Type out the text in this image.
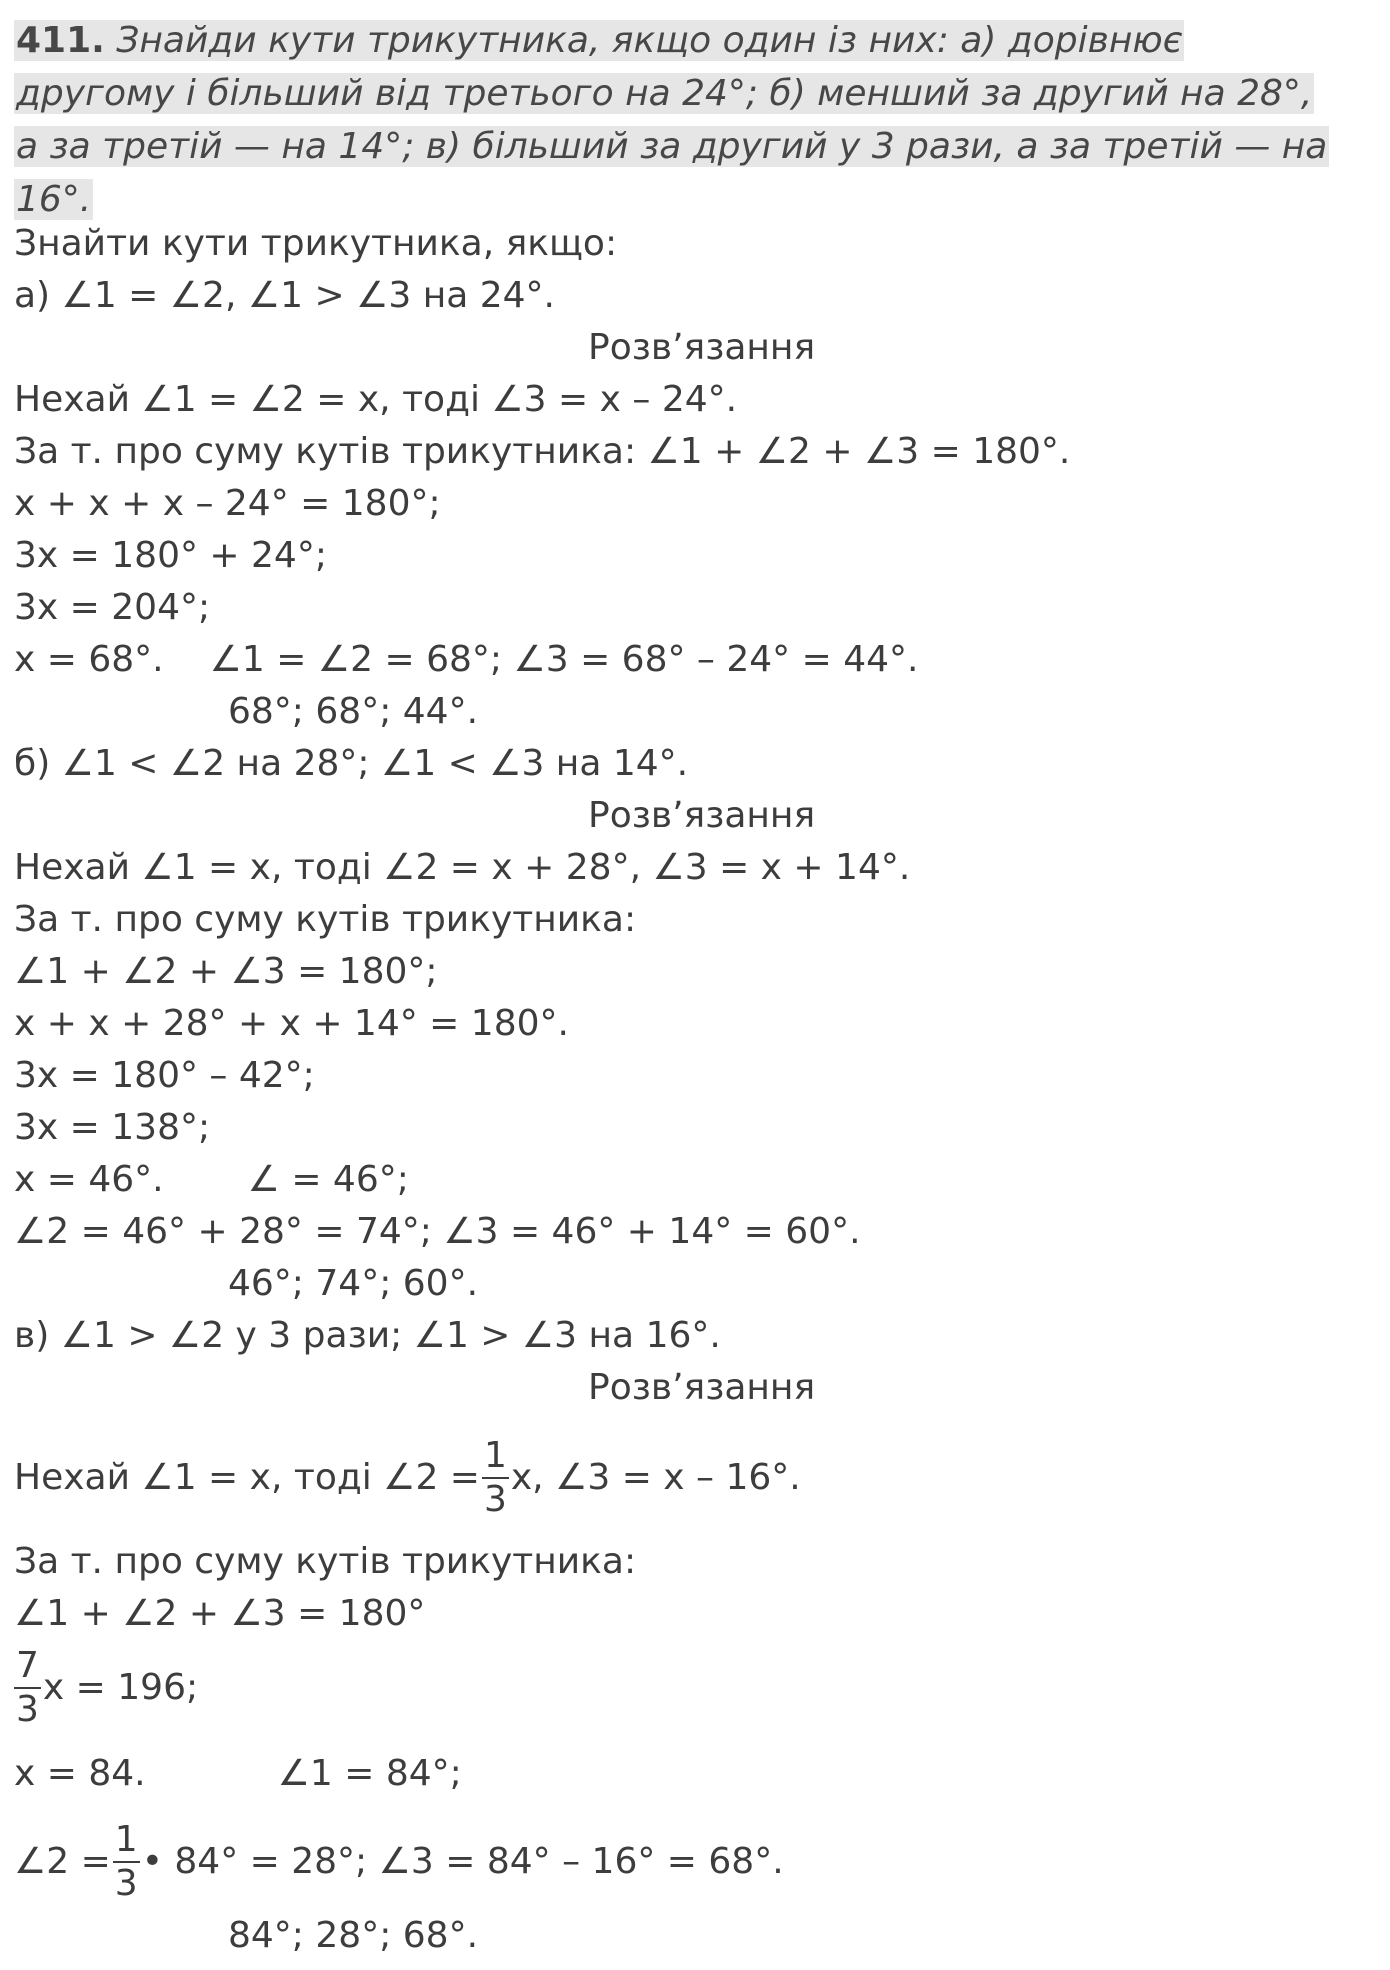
411. Знайди кути трикутника, якщо один із них: а) дорівнює
другому і більший від третього на 24°; б) менший за другий на 28°,
а за третій — на 14°; в) більший за другий у 3 рази, а за третій — на
16°.
Знайти кути трикутника, якщо:
а) ∠1 = ∠2, ∠1 > ∠3 на 24°.
Розв’язання
Нехай ∠1 = ∠2 = x, тоді ∠3 = x – 24°.
За т. про суму кутів трикутника: ∠1 + ∠2 + ∠3 = 180°.
x + x + x – 24° = 180°;
3x = 180° + 24°;
3x = 204°;
x = 68°. ∠1 = ∠2 = 68°; ∠3 = 68° – 24° = 44°.
68°; 68°; 44°.
б) ∠1 < ∠2 на 28°; ∠1 < ∠3 на 14°.
Розв’язання
Нехай ∠1 = x, тоді ∠2 = x + 28°, ∠3 = x + 14°.
За т. про суму кутів трикутника:
∠1 + ∠2 + ∠3 = 180°;
x + x + 28° + x + 14° = 180°.
3x = 180° – 42°;
3x = 138°;
x = 46°. ∠ = 46°;
∠2 = 46° + 28° = 74°; ∠3 = 46° + 14° = 60°.
46°; 74°; 60°.
в) ∠1 > ∠2 у 3 рази; ∠1 > ∠3 на 16°.
Розв’язання
Нехай ∠1 = x, тоді ∠2 = $\frac{1}{3} x$, ∠3 = x – 16°.
За т. про суму кутів трикутника:
∠1 + ∠2 + ∠3 = 180°
$\frac{7}{3}$ x = 196;
x = 84.	∠1 = 84°;
∠2 = $\frac{1}{3}$ • 84° = 28°; ∠3 = 84° – 16° = 68°.
84°; 28°; 68°.
